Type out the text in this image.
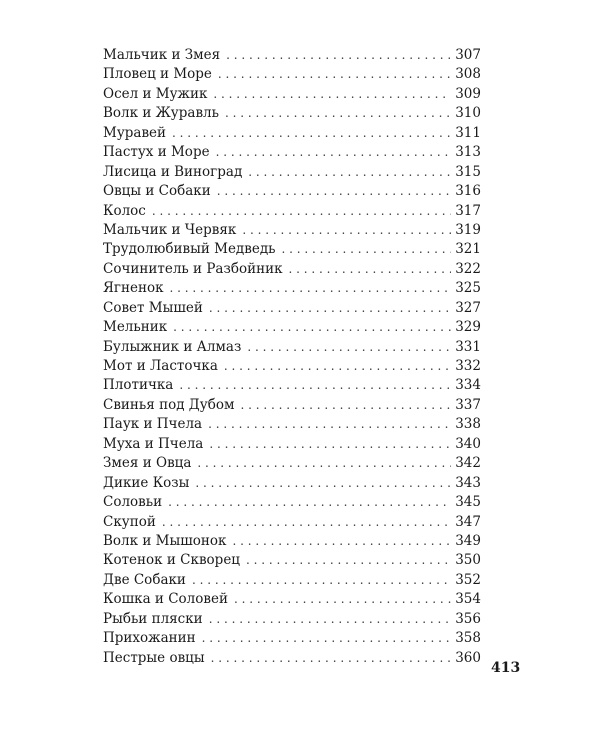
Мальчик и Змея . . .	307
Пловец и Море . . .	308
Осел и Мужик . . .	309
Волк и Журавль . . .	310
Муравей . . .	311
Пастух и Море . . .	313
Лисица и Виноград . . .	315
Овцы и Собаки . . .	316
Колос . . .	317
Мальчик и Червяк . . .	319
Трудолюбивый Медведь . . .	321
Сочинитель и Разбойник . . .	322
Ягненок . . .	325
Совет Мышей . . .	327
Мельник . . .	329
Булыжник и Алмаз . . .	331
Мот и Ласточка . . .	332
Плотичка . . .	334
Свинья под Дубом . . .	337
Паук и Пчела . . .	338
Муха и Пчела . . .	340
Змея и Овца . . .	342
Дикие Козы . . .	343
Соловьи . . .	345
Скупой . . .	347
Волк и Мышонок . . .	349
Котенок и Скворец . . .	350
Две Собаки . . .	352
Кошка и Соловей . . .	354
Рыбьи пляски . . .	356
Прихожанин . . .	358
Пестрые овцы . . .	360
413
